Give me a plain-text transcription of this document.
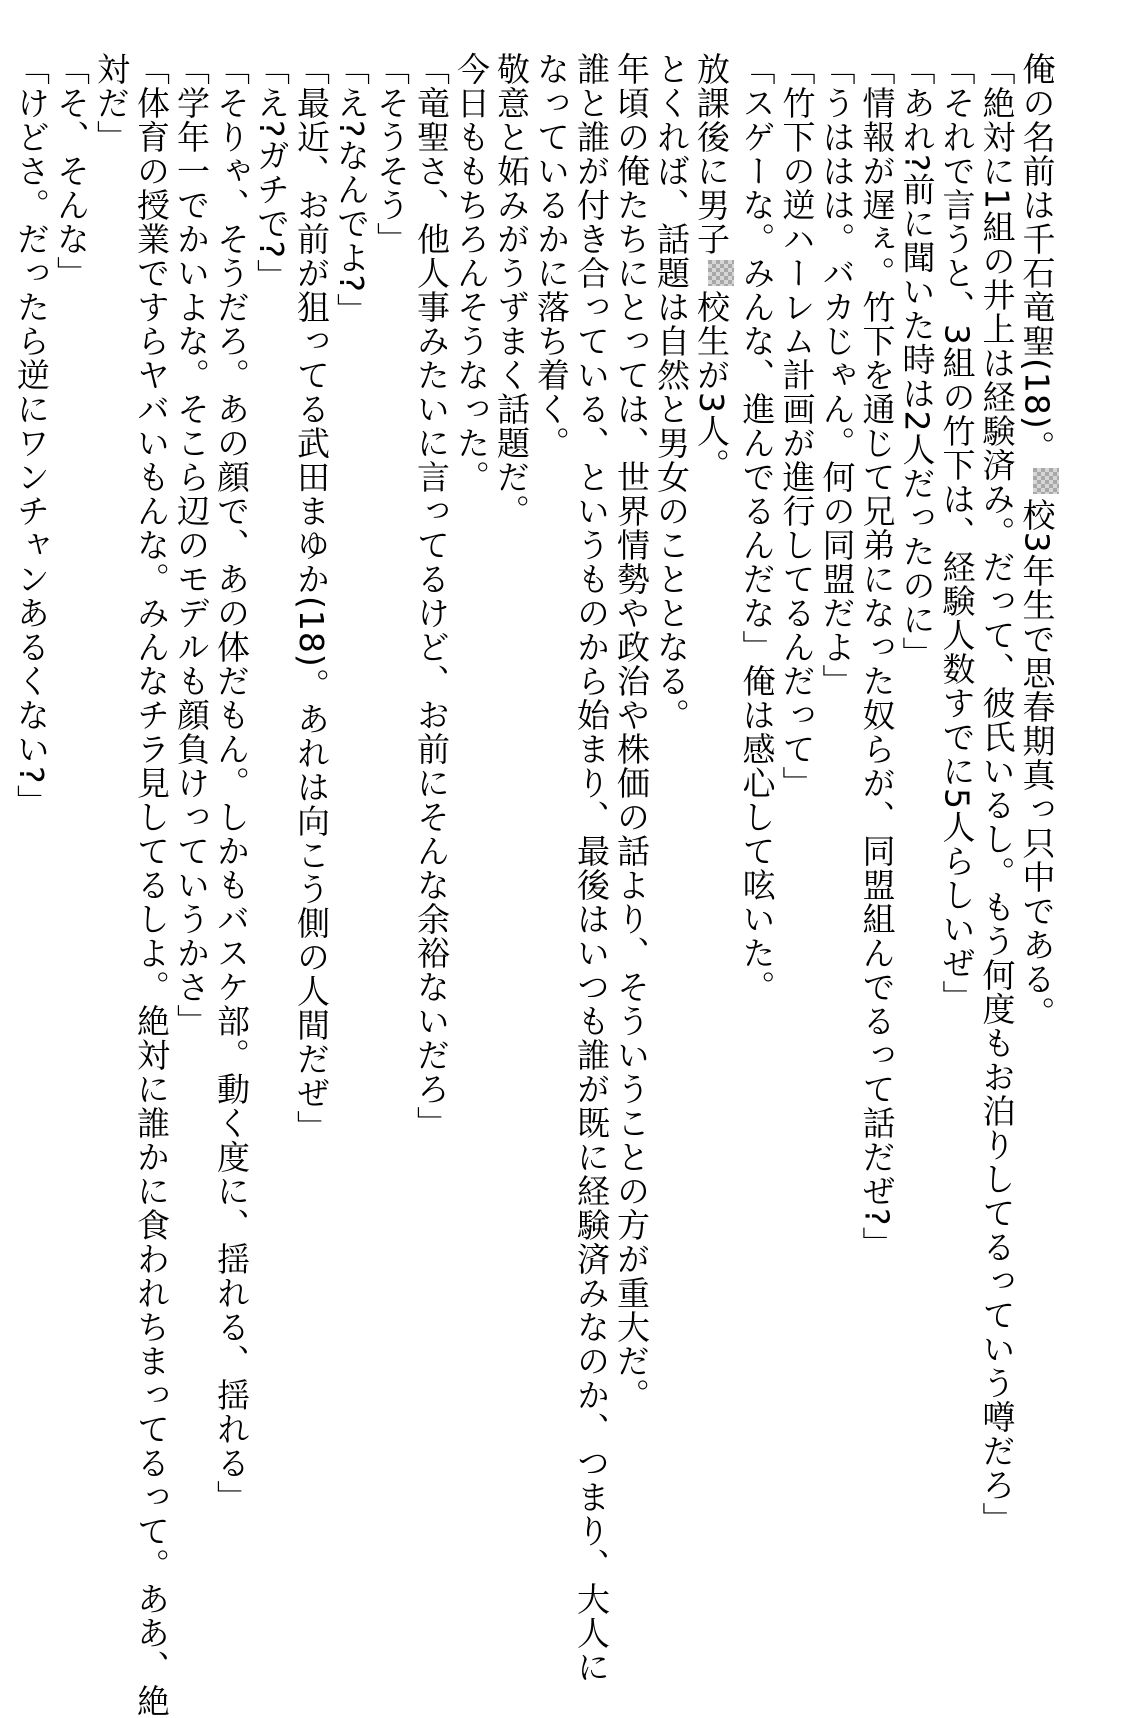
俺の名前は千石竜聖(18)。校3年生で思春期真っ只中である。
「絶対に1組の井上は経験済み。だって、彼氏いるし。もう何度もお泊りしてるっていう噂だろ」
「それで言うと、3組の竹下は、経験人数すでに5人らしいぜ」
「あれ?前に聞いた時は2人だったのに」
「情報が遅ぇ。竹下を通じて兄弟になった奴らが、同盟組んでるって話だぜ?」
「うははは。バカじゃん。何の同盟だよ」
「竹下の逆ハーレム計画が進行してるんだって」
「スゲーな。みんな、進んでるんだな」俺は感心して呟いた。
放課後に男子校生が3人。
とくれば、話題は自然と男女のこととなる。
年頃の俺たちにとっては、世界情勢や政治や株価の話より、そういうことの方が重大だ。
誰と誰が付き合っている、というものから始まり、最後はいつも誰が既に経験済みなのか、つまり、大人に
なっているかに落ち着く。
敬意と妬みがうずまく話題だ。
今日ももちろんそうなった。
「竜聖さ、他人事みたいに言ってるけど、お前にそんな余裕ないだろ」
「そうそう」
「え?なんでよ?」
「最近、お前が狙ってる武田まゆか(18)。あれは向こう側の人間だぜ」
「え?ガチで?」
「そりゃ、そうだろ。あの顔で、あの体だもん。しかもバスケ部。動く度に、揺れる、揺れる」
「学年一でかいよな。そこら辺のモデルも顔負けっていうかさ」
「体育の授業ですらヤバいもんな。みんなチラ見してるしよ。絶対に誰かに食われちまってるって。ああ、絶
対だ」
「そ、そんな」
「けどさ。だったら逆にワンチャンあるくない?」
